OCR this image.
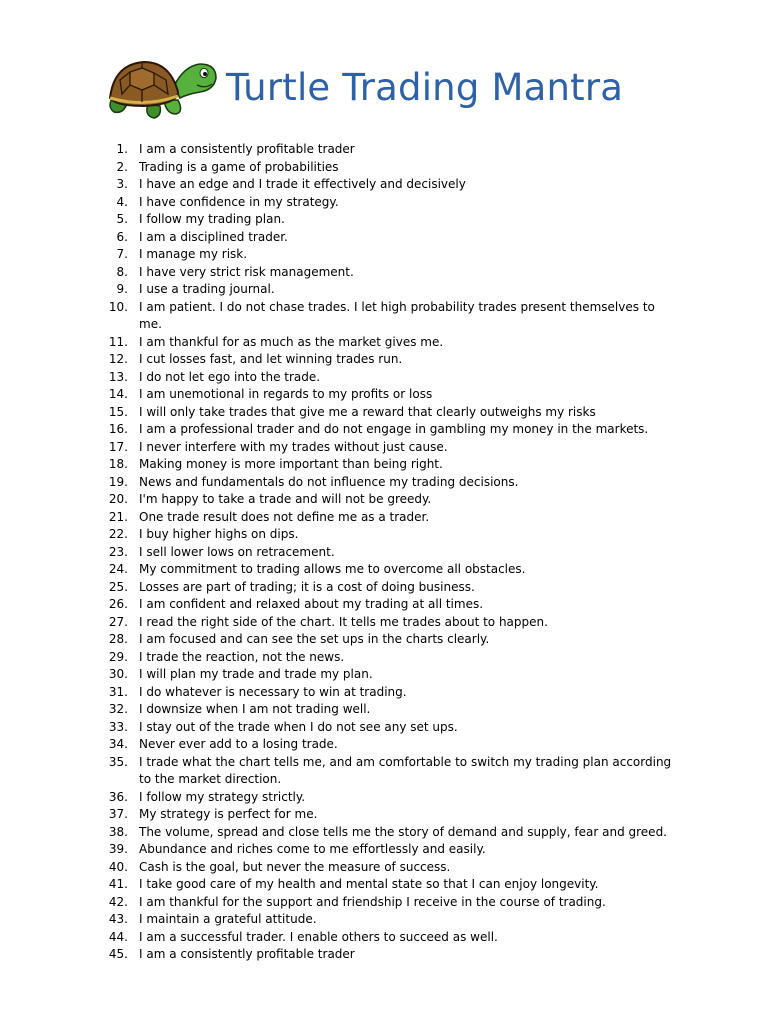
Turtle Trading Mantra
1. I am a consistently profitable trader
2. Trading is a game of probabilities
3. I have an edge and I trade it effectively and decisively
4. I have confidence in my strategy.
5. I follow my trading plan.
6. I am a disciplined trader.
7. I manage my risk.
8. I have very strict risk management.
9. I use a trading journal.
10. I am patient. I do not chase trades. I let high probability trades present themselves to me.
11. I am thankful for as much as the market gives me.
12. I cut losses fast, and let winning trades run.
13. I do not let ego into the trade.
14. I am unemotional in regards to my profits or loss
15. I will only take trades that give me a reward that clearly outweighs my risks
16. I am a professional trader and do not engage in gambling my money in the markets.
17. I never interfere with my trades without just cause.
18. Making money is more important than being right.
19. News and fundamentals do not influence my trading decisions.
20. I'm happy to take a trade and will not be greedy.
21. One trade result does not define me as a trader.
22. I buy higher highs on dips.
23. I sell lower lows on retracement.
24. My commitment to trading allows me to overcome all obstacles.
25. Losses are part of trading; it is a cost of doing business.
26. I am confident and relaxed about my trading at all times.
27. I read the right side of the chart. It tells me trades about to happen.
28. I am focused and can see the set ups in the charts clearly.
29. I trade the reaction, not the news.
30. I will plan my trade and trade my plan.
31. I do whatever is necessary to win at trading.
32. I downsize when I am not trading well.
33. I stay out of the trade when I do not see any set ups.
34. Never ever add to a losing trade.
35. I trade what the chart tells me, and am comfortable to switch my trading plan according to the market direction.
36. I follow my strategy strictly.
37. My strategy is perfect for me.
38. The volume, spread and close tells me the story of demand and supply, fear and greed.
39. Abundance and riches come to me effortlessly and easily.
40. Cash is the goal, but never the measure of success.
41. I take good care of my health and mental state so that I can enjoy longevity.
42. I am thankful for the support and friendship I receive in the course of trading.
43. I maintain a grateful attitude.
44. I am a successful trader. I enable others to succeed as well.
45. I am a consistently profitable trader
